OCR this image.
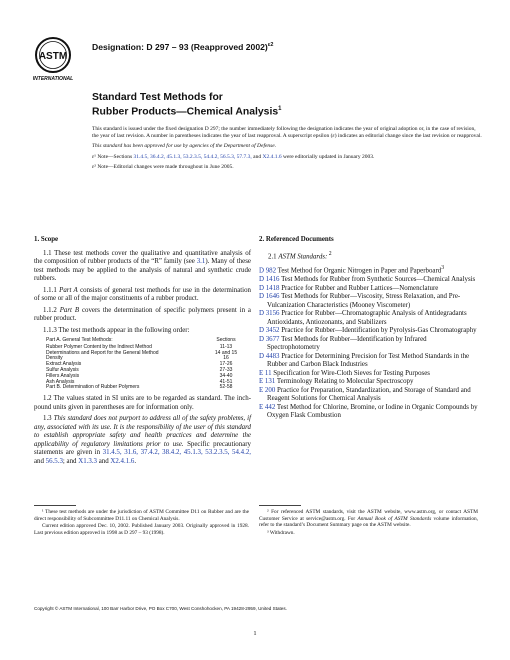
ASTM
INTERNATIONAL
Designation: D 297 – 93 (Reapproved 2002)$^{\varepsilon 2}$
Standard Test Methods for
Rubber Products—Chemical Analysis$^1$

This standard is issued under the fixed designation D 297; the number immediately following the designation indicates the year of original adoption or, in the case of revision, the year of last revision. A number in parentheses indicates the year of last reapproval. A superscript epsilon (ε) indicates an editorial change since the last revision or reapproval.

This standard has been approved for use by agencies of the Department of Defense.

ε¹ Note—Sections 31.4.5, 36.4.2, 45.1.3, 53.2.3.5, 54.4.2, 56.5.3, 57.7.3, and X2.4.1.6 were editorially updated in January 2003.

ε² Note—Editorial changes were made throughout in June 2005.

1. Scope

1.1 These test methods cover the qualitative and quantitative analysis of the composition of rubber products of the “R” family (see 3.1). Many of these test methods may be applied to the analysis of natural and synthetic crude rubbers.

1.1.1 Part A consists of general test methods for use in the determination of some or all of the major constituents of a rubber product.

1.1.2 Part B covers the determination of specific polymers present in a rubber product.

1.1.3 The test methods appear in the following order:

Part A. General Test Methods:	Sections
Rubber Polymer Content by the Indirect Method	11-13
Determinations and Report for the General Method	14 and 15
Density	16
Extract Analysis	17-26
Sulfur Analysis	27-33
Fillers Analysis	34-40
Ash Analysis	41-51
Part B. Determination of Rubber Polymers	52-58

1.2 The values stated in SI units are to be regarded as standard. The inch-pound units given in parentheses are for information only.

1.3 This standard does not purport to address all of the safety problems, if any, associated with its use. It is the responsibility of the user of this standard to establish appropriate safety and health practices and determine the applicability of regulatory limitations prior to use. Specific precautionary statements are given in 31.4.5, 31.6, 37.4.2, 38.4.2, 45.1.3, 53.2.3.5, 54.4.2, and 56.5.3; and X1.3.3 and X2.4.1.6.

2. Referenced Documents

2.1 ASTM Standards: $^2$

D 982 Test Method for Organic Nitrogen in Paper and Paperboard$^3$

D 1416 Test Methods for Rubber from Synthetic Sources—Chemical Analysis

D 1418 Practice for Rubber and Rubber Lattices—Nomenclature

D 1646 Test Methods for Rubber—Viscosity, Stress Relaxation, and Pre-Vulcanization Characteristics (Mooney Viscometer)

D 3156 Practice for Rubber—Chromatographic Analysis of Antidegradants Antioxidants, Antiozonants, and Stabilizers

D 3452 Practice for Rubber—Identification by Pyrolysis-Gas Chromatography

D 3677 Test Methods for Rubber—Identification by Infrared Spectrophotometry

D 4483 Practice for Determining Precision for Test Method Standards in the Rubber and Carbon Black Industries

E 11 Specification for Wire-Cloth Sieves for Testing Purposes

E 131 Terminology Relating to Molecular Spectroscopy

E 200 Practice for Preparation, Standardization, and Storage of Standard and Reagent Solutions for Chemical Analysis

E 442 Test Method for Chlorine, Bromine, or Iodine in Organic Compounds by Oxygen Flask Combustion

¹ These test methods are under the jurisdiction of ASTM Committee D11 on Rubber and are the direct responsibility of Subcommittee D11.11 on Chemical Analysis.

Current edition approved Dec. 10, 2002. Published January 2003. Originally approved in 1928. Last previous edition approved in 1998 as D 297 – 93 (1998).

² For referenced ASTM standards, visit the ASTM website, www.astm.org, or contact ASTM Customer Service at service@astm.org. For Annual Book of ASTM Standards volume information, refer to the standard’s Document Summary page on the ASTM website.

³ Withdrawn.

Copyright © ASTM International, 100 Barr Harbor Drive, PO Box C700, West Conshohocken, PA 19428-2959, United States.
1
